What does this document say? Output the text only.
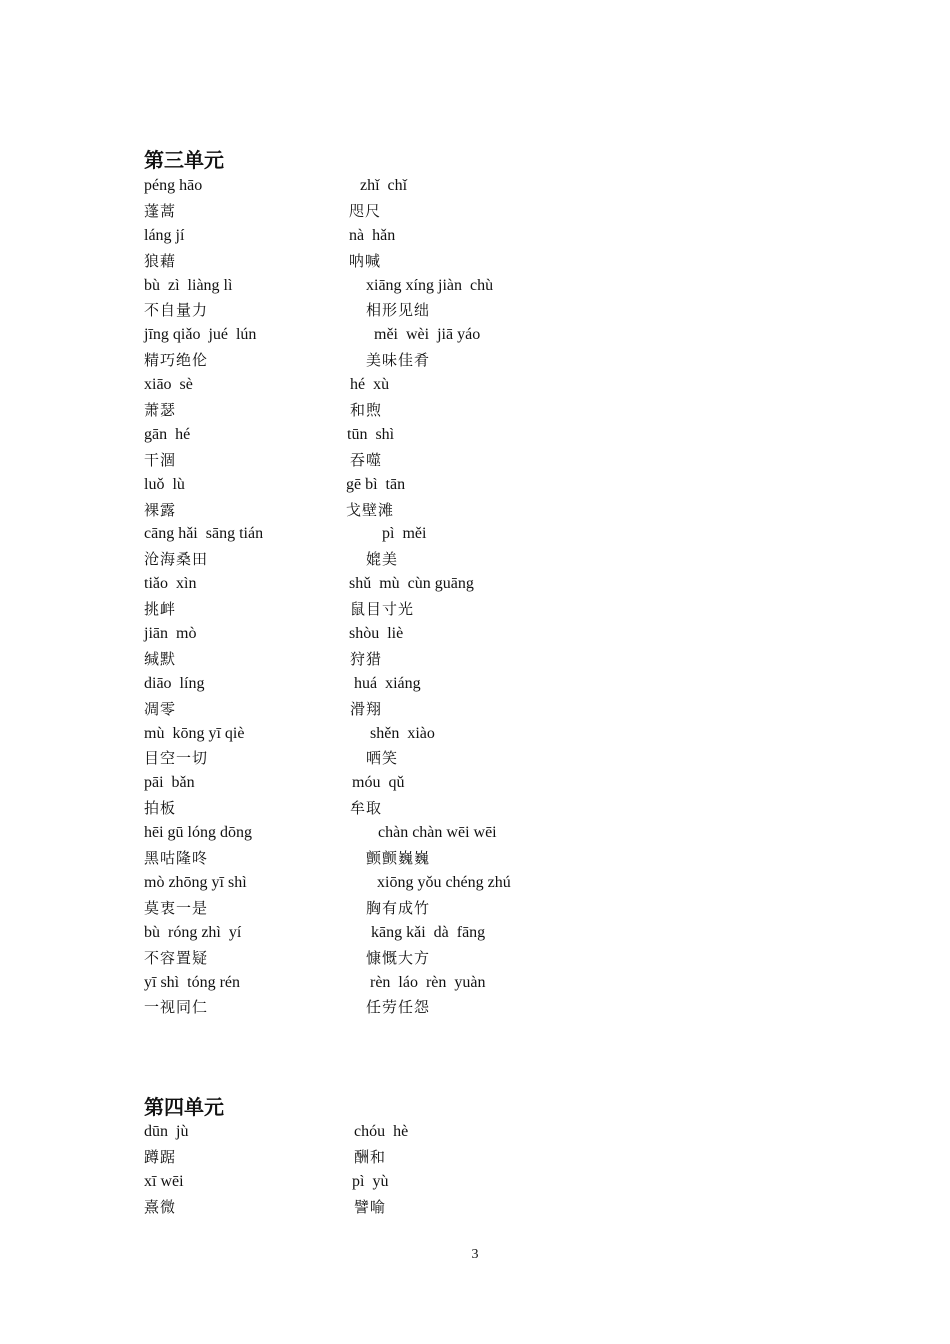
第三单元
péng hāo	zhǐ  chǐ
蓬蒿	咫尺
láng jí	nà  hǎn
狼藉	呐喊
bù  zì  liàng lì	xiāng xíng jiàn  chù
不自量力	相形见绌
jīng qiǎo  jué  lún	měi  wèi  jiā yáo
精巧绝伦	美味佳肴
xiāo  sè	hé  xù
萧瑟	和煦
gān  hé	tūn  shì
干涸	吞噬
luǒ  lù	gē bì  tān
裸露	戈壁滩
cāng hǎi  sāng tián	pì  měi
沧海桑田	媲美
tiǎo  xìn	shǔ  mù  cùn guāng
挑衅	鼠目寸光
jiān  mò	shòu  liè
缄默	狩猎
diāo  líng	huá  xiáng
凋零	滑翔
mù  kōng yī qiè	shěn  xiào
目空一切	哂笑
pāi  bǎn	móu  qǔ
拍板	牟取
hēi gū lóng dōng	chàn chàn wēi wēi
黑咕隆咚	颤颤巍巍
mò zhōng yī shì	xiōng yǒu chéng zhú
莫衷一是	胸有成竹
bù  róng zhì  yí	kāng kǎi  dà  fāng
不容置疑	慷慨大方
yī shì  tóng rén	rèn  láo  rèn  yuàn
一视同仁	任劳任怨
第四单元
dūn  jù	chóu  hè
蹲踞	酬和
xī wēi	pì  yù
熹微	譬喻
3
